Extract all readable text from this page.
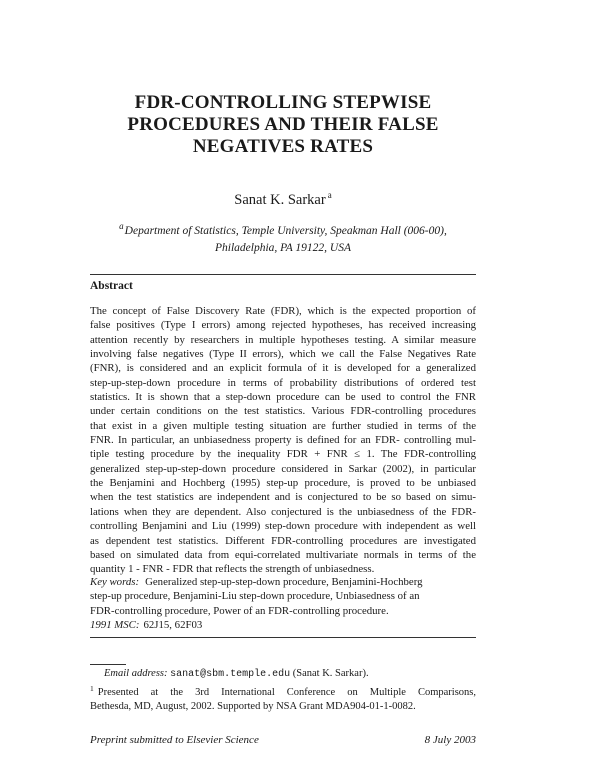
FDR-CONTROLLING STEPWISE
PROCEDURES AND THEIR FALSE
NEGATIVES RATES
Sanat K. Sarkar $^a$
$^a$Department of Statistics, Temple University, Speakman Hall (006-00),
Philadelphia, PA 19122, USA
Abstract
The concept of False Discovery Rate (FDR), which is the expected proportion of
false positives (Type I errors) among rejected hypotheses, has received increasing
attention recently by researchers in multiple hypotheses testing. A similar measure
involving false negatives (Type II errors), which we call the False Negatives Rate
(FNR), is considered and an explicit formula of it is developed for a generalized
step-up-step-down procedure in terms of probability distributions of ordered test
statistics. It is shown that a step-down procedure can be used to control the FNR
under certain conditions on the test statistics. Various FDR-controlling procedures
that exist in a given multiple testing situation are further studied in terms of the
FNR. In particular, an unbiasedness property is defined for an FDR- controlling mul-
tiple testing procedure by the inequality FDR + FNR ≤ 1. The FDR-controlling
generalized step-up-step-down procedure considered in Sarkar (2002), in particular
the Benjamini and Hochberg (1995) step-up procedure, is proved to be unbiased
when the test statistics are independent and is conjectured to be so based on simu-
lations when they are dependent. Also conjectured is the unbiasedness of the FDR-
controlling Benjamini and Liu (1999) step-down procedure with independent as well
as dependent test statistics. Different FDR-controlling procedures are investigated
based on simulated data from equi-correlated multivariate normals in terms of the
quantity 1 - FNR - FDR that reflects the strength of unbiasedness.
Key words: Generalized step-up-step-down procedure, Benjamini-Hochberg
step-up procedure, Benjamini-Liu step-down procedure, Unbiasedness of an
FDR-controlling procedure, Power of an FDR-controlling procedure.
1991 MSC: 62J15, 62F03
Email address: sanat@sbm.temple.edu (Sanat K. Sarkar).
$^1$ Presented at the 3rd International Conference on Multiple Comparisons,
Bethesda, MD, August, 2002. Supported by NSA Grant MDA904-01-1-0082.
Preprint submitted to Elsevier Science	8 July 2003
